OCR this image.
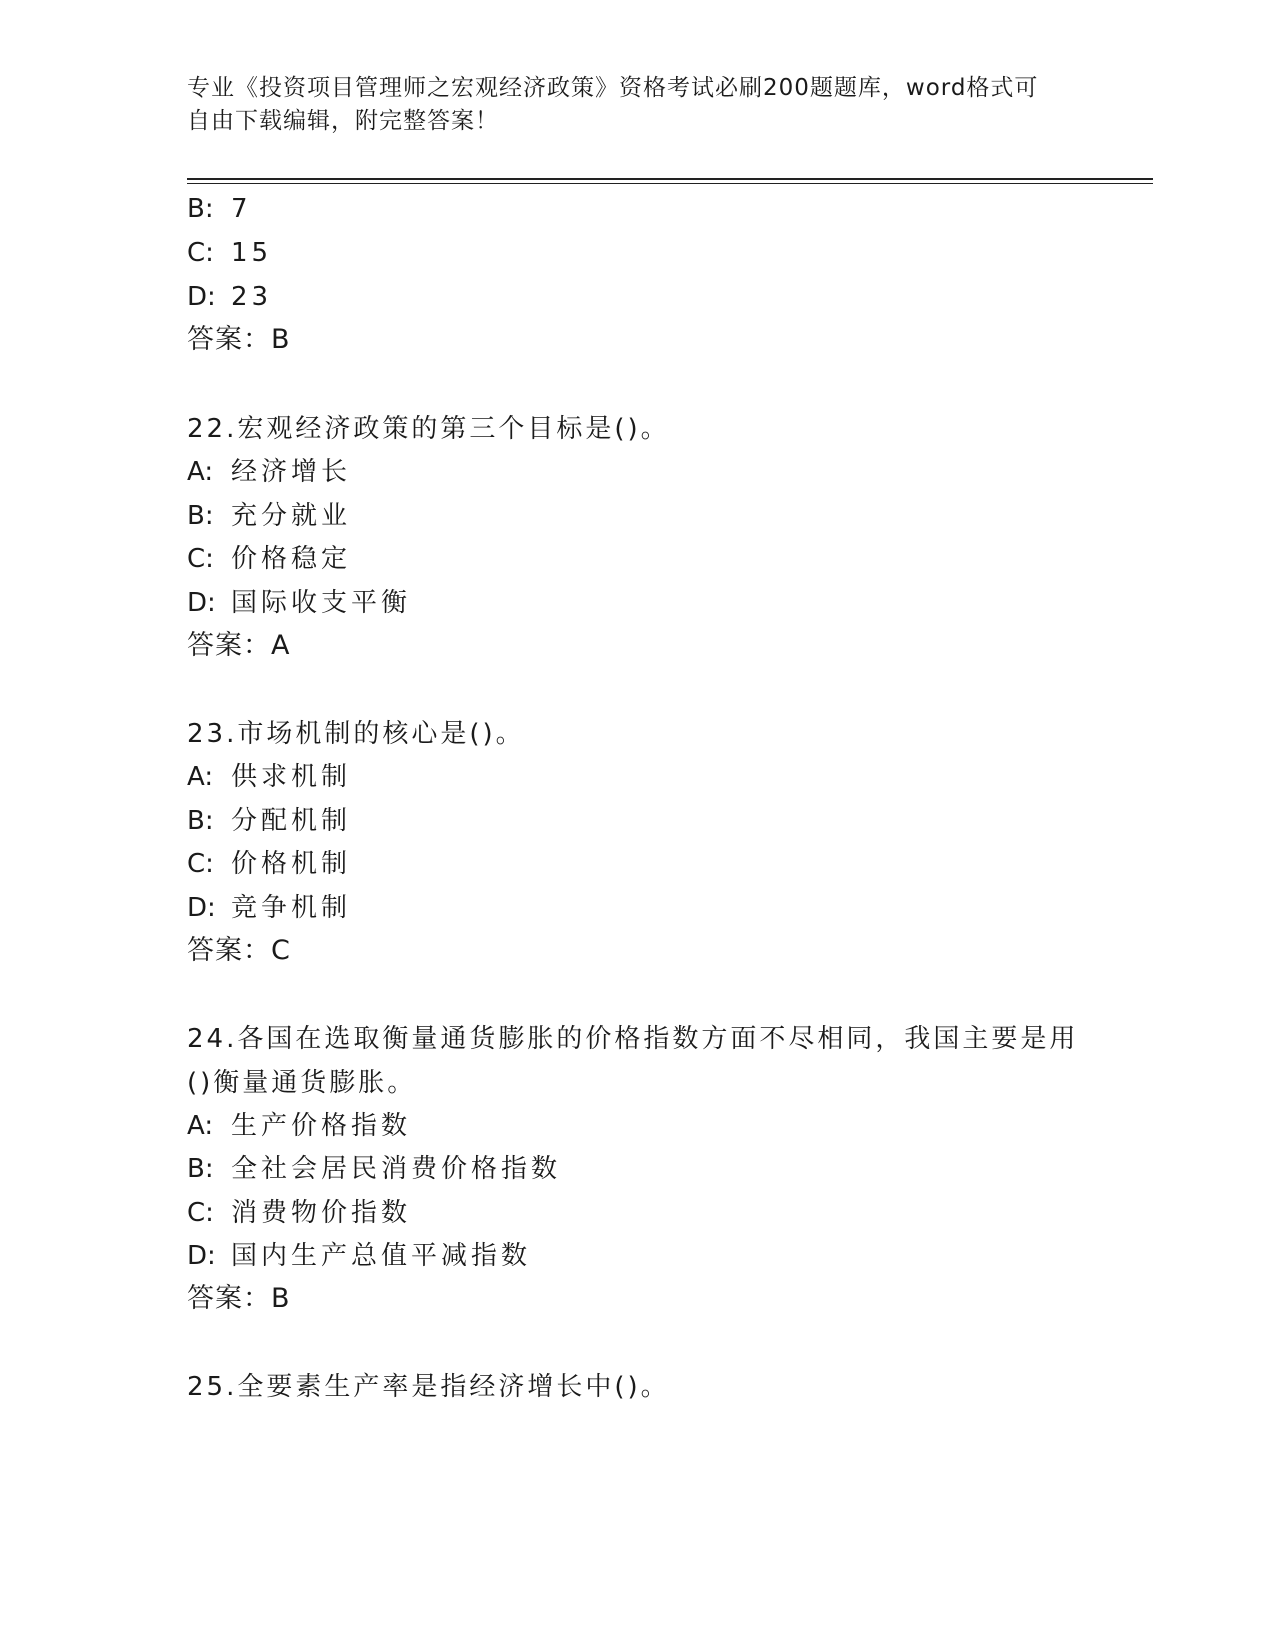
专业《投资项目管理师之宏观经济政策》资格考试必刷200题题库，word格式可
自由下载编辑，附完整答案！
B: 7
C: 15
D: 23
答案：B
22.宏观经济政策的第三个目标是()。
A: 经济增长
B: 充分就业
C: 价格稳定
D: 国际收支平衡
答案：A
23.市场机制的核心是()。
A: 供求机制
B: 分配机制
C: 价格机制
D: 竞争机制
答案：C
24.各国在选取衡量通货膨胀的价格指数方面不尽相同，我国主要是用
()衡量通货膨胀。
A: 生产价格指数
B: 全社会居民消费价格指数
C: 消费物价指数
D: 国内生产总值平减指数
答案：B
25.全要素生产率是指经济增长中()。
